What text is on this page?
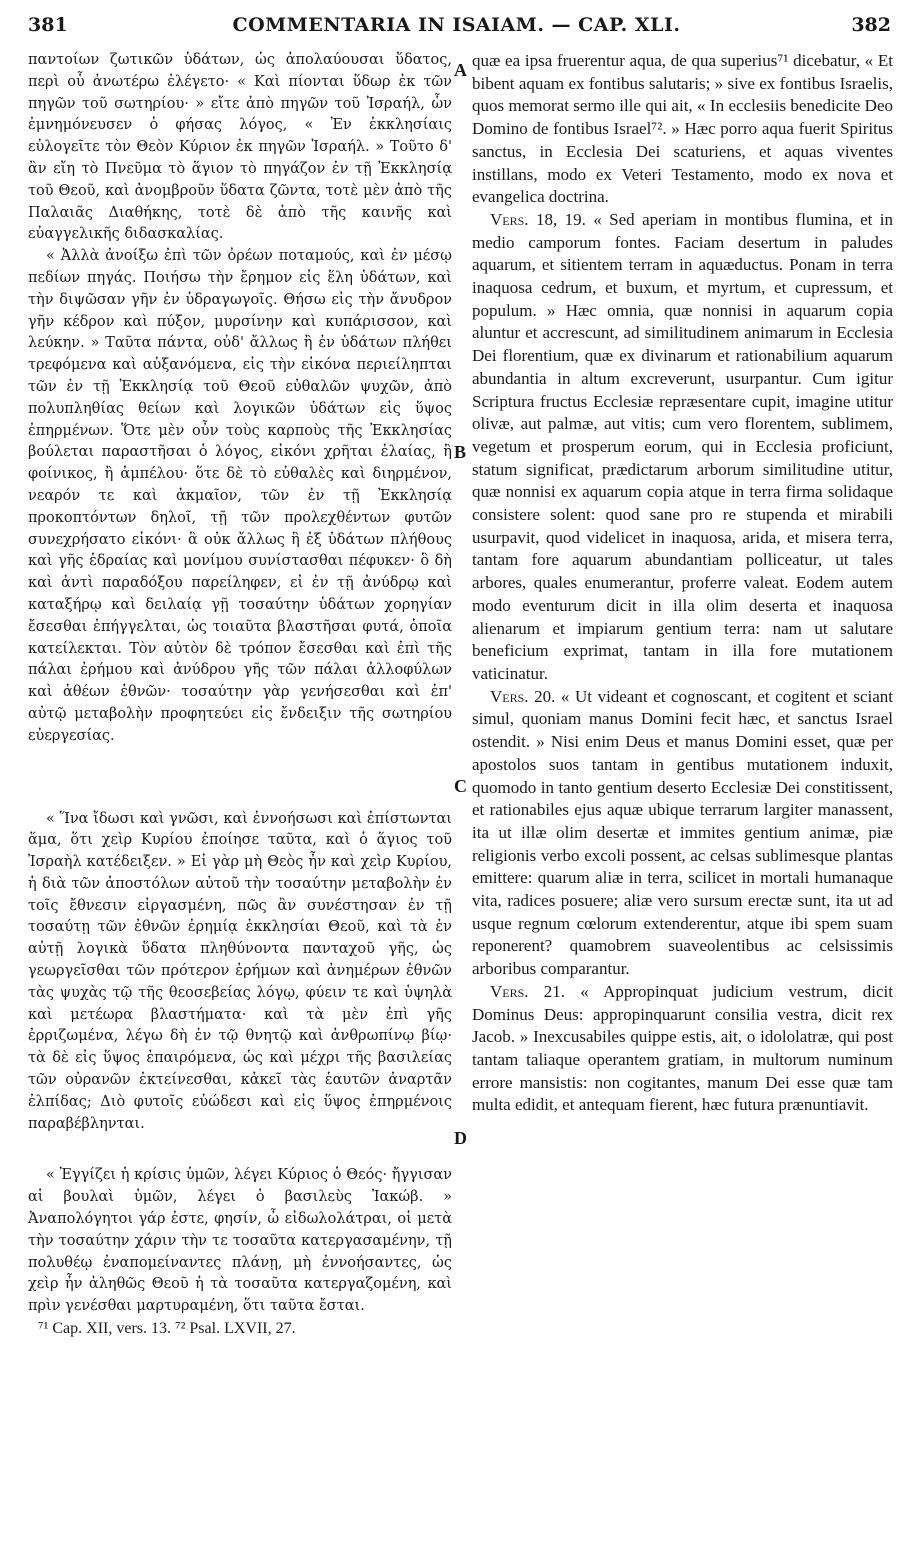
381	COMMENTARIA IN ISAIAM. — CAP. XLI.	382

παντοίων ζωτικῶν ὑδάτων, ὡς ἀπολαύουσαι ὕδατος, περὶ οὗ ἀνωτέρω ἐλέγετο· « Καὶ πίονται ὕδωρ ἐκ τῶν πηγῶν τοῦ σωτηρίου· » εἴτε ἀπὸ πηγῶν τοῦ Ἰσραήλ, ὧν ἐμνημόνευσεν ὁ φήσας λόγος, « Ἐν ἐκκλησίαις εὐλογεῖτε τὸν Θεὸν Κύριον ἐκ πηγῶν Ἰσραήλ. » Τοῦτο δ' ἂν εἴη τὸ Πνεῦμα τὸ ἅγιον τὸ πηγάζον ἐν τῇ Ἐκκλησίᾳ τοῦ Θεοῦ, καὶ ἀνομβροῦν ὕδατα ζῶντα, τοτὲ μὲν ἀπὸ τῆς Παλαιᾶς Διαθήκης, τοτὲ δὲ ἀπὸ τῆς καινῆς καὶ εὐαγγελικῆς διδασκαλίας.

« Ἀλλὰ ἀνοίξω ἐπὶ τῶν ὀρέων ποταμούς, καὶ ἐν μέσῳ πεδίων πηγάς. Ποιήσω τὴν ἔρημον εἰς ἕλη ὑδάτων, καὶ τὴν διψῶσαν γῆν ἐν ὑδραγωγοῖς. Θήσω εἰς τὴν ἄνυδρον γῆν κέδρον καὶ πύξον, μυρσίνην καὶ κυπάρισσον, καὶ λεύκην. » Ταῦτα πάντα, οὐδ' ἄλλως ἢ ἐν ὑδάτων πλήθει τρεφόμενα καὶ αὐξανόμενα, εἰς τὴν εἰκόνα περιείληπται τῶν ἐν τῇ Ἐκκλησίᾳ τοῦ Θεοῦ εὐθαλῶν ψυχῶν, ἀπὸ πολυπληθίας θείων καὶ λογικῶν ὑδάτων εἰς ὕψος ἐπηρμένων. Ὅτε μὲν οὖν τοὺς καρποὺς τῆς Ἐκκλησίας βούλεται παραστῆσαι ὁ λόγος, εἰκόνι χρῆται ἐλαίας, ἢ φοίνικος, ἢ ἀμπέλου· ὅτε δὲ τὸ εὐθαλὲς καὶ διηρμένον, νεαρόν τε καὶ ἀκμαῖον, τῶν ἐν τῇ Ἐκκλησίᾳ προκοπτόντων δηλοῖ, τῇ τῶν προλεχθέντων φυτῶν συνεχρήσατο εἰκόνι· ἃ οὐκ ἄλλως ἢ ἐξ ὑδάτων πλήθους καὶ γῆς ἑδραίας καὶ μονίμου συνίστασθαι πέφυκεν· ὃ δὴ καὶ ἀντὶ παραδόξου παρείληφεν, εἰ ἐν τῇ ἀνύδρῳ καὶ καταξήρῳ καὶ δειλαίᾳ γῇ τοσαύτην ὑδάτων χορηγίαν ἔσεσθαι ἐπήγγελται, ὡς τοιαῦτα βλαστῆσαι φυτά, ὁποῖα κατείλεκται. Τὸν αὐτὸν δὲ τρόπον ἔσεσθαι καὶ ἐπὶ τῆς πάλαι ἐρήμου καὶ ἀνύδρου γῆς τῶν πάλαι ἀλλοφύλων καὶ ἀθέων ἐθνῶν· τοσαύτην γὰρ γενήσεσθαι καὶ ἐπ' αὐτῷ μεταβολὴν προφητεύει εἰς ἔνδειξιν τῆς σωτηρίου εὐεργεσίας.

« Ἵνα ἴδωσι καὶ γνῶσι, καὶ ἐννοήσωσι καὶ ἐπίστωνται ἅμα, ὅτι χεὶρ Κυρίου ἐποίησε ταῦτα, καὶ ὁ ἅγιος τοῦ Ἰσραὴλ κατέδειξεν. » Εἰ γὰρ μὴ Θεὸς ἦν καὶ χεὶρ Κυρίου, ἡ διὰ τῶν ἀποστόλων αὐτοῦ τὴν τοσαύτην μεταβολὴν ἐν τοῖς ἔθνεσιν εἰργασμένη, πῶς ἂν συνέστησαν ἐν τῇ τοσαύτῃ τῶν ἐθνῶν ἐρημίᾳ ἐκκλησίαι Θεοῦ, καὶ τὰ ἐν αὐτῇ λογικὰ ὕδατα πληθύνοντα πανταχοῦ γῆς, ὡς γεωργεῖσθαι τῶν πρότερον ἐρήμων καὶ ἀνημέρων ἐθνῶν τὰς ψυχὰς τῷ τῆς θεοσεβείας λόγῳ, φύειν τε καὶ ὑψηλὰ καὶ μετέωρα βλαστήματα· καὶ τὰ μὲν ἐπὶ γῆς ἐρριζωμένα, λέγω δὴ ἐν τῷ θνητῷ καὶ ἀνθρωπίνῳ βίῳ· τὰ δὲ εἰς ὕψος ἐπαιρόμενα, ὡς καὶ μέχρι τῆς βασιλείας τῶν οὐρανῶν ἐκτείνεσθαι, κἀκεῖ τὰς ἑαυτῶν ἀναρτᾶν ἐλπίδας; Διὸ φυτοῖς εὐώδεσι καὶ εἰς ὕψος ἐπηρμένοις παραβέβληνται.

« Ἐγγίζει ἡ κρίσις ὑμῶν, λέγει Κύριος ὁ Θεός· ἤγγισαν αἱ βουλαὶ ὑμῶν, λέγει ὁ βασιλεὺς Ἰακώβ. » Ἀναπολόγητοι γάρ ἐστε, φησίν, ὦ εἰδωλολάτραι, οἱ μετὰ τὴν τοσαύτην χάριν τὴν τε τοσαῦτα κατεργασαμένην, τῇ πολυθέῳ ἐναπομείναντες πλάνῃ, μὴ ἐννοήσαντες, ὡς χεὶρ ἦν ἀληθῶς Θεοῦ ἡ τὰ τοσαῦτα κατεργαζομένη, καὶ πρὶν γενέσθαι μαρτυραμένη, ὅτι ταῦτα ἔσται.

⁷¹ Cap. XII, vers. 13. ⁷² Psal. LXVII, 27.
A
B
C
D

quæ ea ipsa fruerentur aqua, de qua superius⁷¹ dicebatur, « Et bibent aquam ex fontibus salutaris; » sive ex fontibus Israelis, quos memorat sermo ille qui ait, « In ecclesiis benedicite Deo Domino de fontibus Israel⁷². » Hæc porro aqua fuerit Spiritus sanctus, in Ecclesia Dei scaturiens, et aquas viventes instillans, modo ex Veteri Testamento, modo ex nova et evangelica doctrina.

Vers. 18, 19. « Sed aperiam in montibus flumina, et in medio camporum fontes. Faciam desertum in paludes aquarum, et sitientem terram in aquæductus. Ponam in terra inaquosa cedrum, et buxum, et myrtum, et cupressum, et populum. » Hæc omnia, quæ nonnisi in aquarum copia aluntur et accrescunt, ad similitudinem animarum in Ecclesia Dei florentium, quæ ex divinarum et rationabilium aquarum abundantia in altum excreverunt, usurpantur. Cum igitur Scriptura fructus Ecclesiæ repræsentare cupit, imagine utitur olivæ, aut palmæ, aut vitis; cum vero florentem, sublimem, vegetum et prosperum eorum, qui in Ecclesia proficiunt, statum significat, prædictarum arborum similitudine utitur, quæ nonnisi ex aquarum copia atque in terra firma solidaque consistere solent: quod sane pro re stupenda et mirabili usurpavit, quod videlicet in inaquosa, arida, et misera terra, tantam fore aquarum abundantiam polliceatur, ut tales arbores, quales enumerantur, proferre valeat. Eodem autem modo eventurum dicit in illa olim deserta et inaquosa alienarum et impiarum gentium terra: nam ut salutare beneficium exprimat, tantam in illa fore mutationem vaticinatur.

Vers. 20. « Ut videant et cognoscant, et cogitent et sciant simul, quoniam manus Domini fecit hæc, et sanctus Israel ostendit. » Nisi enim Deus et manus Domini esset, quæ per apostolos suos tantam in gentibus mutationem induxit, quomodo in tanto gentium deserto Ecclesiæ Dei constitissent, et rationabiles ejus aquæ ubique terrarum largiter manassent, ita ut illæ olim desertæ et immites gentium animæ, piæ religionis verbo excoli possent, ac celsas sublimesque plantas emittere: quarum aliæ in terra, scilicet in mortali humanaque vita, radices posuere; aliæ vero sursum erectæ sunt, ita ut ad usque regnum cœlorum extenderentur, atque ibi spem suam reponerent? quamobrem suaveolentibus ac celsissimis arboribus comparantur.

Vers. 21. « Appropinquat judicium vestrum, dicit Dominus Deus: appropinquarunt consilia vestra, dicit rex Jacob. » Inexcusabiles quippe estis, ait, o idololatræ, qui post tantam taliaque operantem gratiam, in multorum numinum errore mansistis: non cogitantes, manum Dei esse quæ tam multa edidit, et antequam fierent, hæc futura prænuntiavit.
